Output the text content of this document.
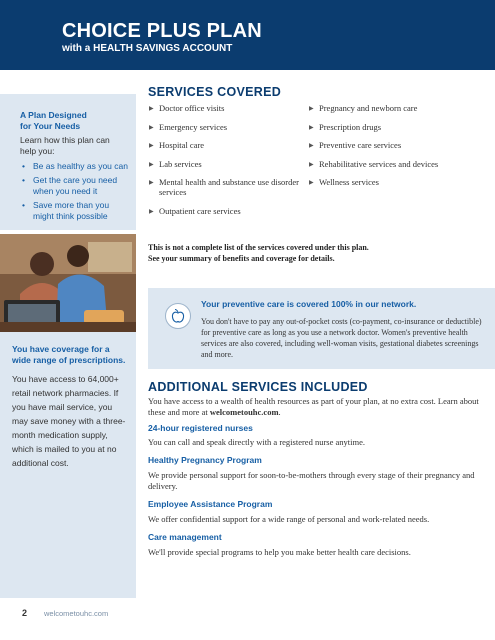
CHOICE PLUS PLAN
with a HEALTH SAVINGS ACCOUNT
A Plan Designed
for Your Needs
Learn how this plan can help you:
• Be as healthy as you can
• Get the care you need when you need it
• Save more than you might think possible
SERVICES COVERED
▶ Doctor office visits
▶ Emergency services
▶ Hospital care
▶ Lab services
▶ Mental health and substance use disorder services
▶ Outpatient care services
▶ Pregnancy and newborn care
▶ Prescription drugs
▶ Preventive care services
▶ Rehabilitative services and devices
▶ Wellness services
This is not a complete list of the services covered under this plan.
See your summary of benefits and coverage for details.
You have coverage for a wide range of prescriptions.
You have access to 64,000+ retail network pharmacies. If you have mail service, you may save money with a three-month medication supply, which is mailed to you at no additional cost.
Your preventive care is covered 100% in our network.
You don't have to pay any out-of-pocket costs (co-payment, co-insurance or deductible) for preventive care as long as you use a network doctor. Women's preventive health services are also covered, including well-woman visits, gestational diabetes screenings and more.
ADDITIONAL SERVICES INCLUDED
You have access to a wealth of health resources as part of your plan, at no extra cost. Learn about these and more at welcometouhc.com.
24-hour registered nurses
You can call and speak directly with a registered nurse anytime.
Healthy Pregnancy Program
We provide personal support for soon-to-be-mothers through every stage of their pregnancy and delivery.
Employee Assistance Program
We offer confidential support for a wide range of personal and work-related needs.
Care management
We'll provide special programs to help you make better health care decisions.
2 welcometouhc.com
